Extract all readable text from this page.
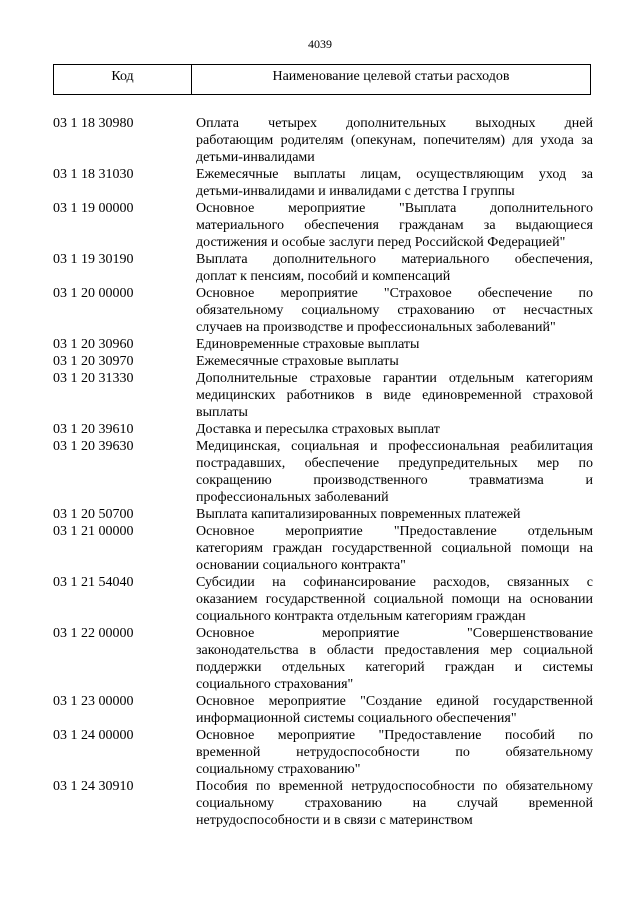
4039
Код	Наименование целевой статьи расходов
03 1 18 30980	Оплата четырех дополнительных выходных дней
работающим родителям (опекунам, попечителям) для ухода за
детьми-инвалидами
03 1 18 31030	Ежемесячные выплаты лицам, осуществляющим уход за
детьми-инвалидами и инвалидами с детства I группы
03 1 19 00000	Основное мероприятие "Выплата дополнительного
материального обеспечения гражданам за выдающиеся
достижения и особые заслуги перед Российской Федерацией"
03 1 19 30190	Выплата дополнительного материального обеспечения,
доплат к пенсиям, пособий и компенсаций
03 1 20 00000	Основное мероприятие "Страховое обеспечение по
обязательному социальному страхованию от несчастных
случаев на производстве и профессиональных заболеваний"
03 1 20 30960	Единовременные страховые выплаты
03 1 20 30970	Ежемесячные страховые выплаты
03 1 20 31330	Дополнительные страховые гарантии отдельным категориям
медицинских работников в виде единовременной страховой
выплаты
03 1 20 39610	Доставка и пересылка страховых выплат
03 1 20 39630	Медицинская, социальная и профессиональная реабилитация
пострадавших, обеспечение предупредительных мер по
сокращению производственного травматизма и
профессиональных заболеваний
03 1 20 50700	Выплата капитализированных повременных платежей
03 1 21 00000	Основное мероприятие "Предоставление отдельным
категориям граждан государственной социальной помощи на
основании социального контракта"
03 1 21 54040	Субсидии на софинансирование расходов, связанных с
оказанием государственной социальной помощи на основании
социального контракта отдельным категориям граждан
03 1 22 00000	Основное мероприятие "Совершенствование
законодательства в области предоставления мер социальной
поддержки отдельных категорий граждан и системы
социального страхования"
03 1 23 00000	Основное мероприятие "Создание единой государственной
информационной системы социального обеспечения"
03 1 24 00000	Основное мероприятие "Предоставление пособий по
временной нетрудоспособности по обязательному
социальному страхованию"
03 1 24 30910	Пособия по временной нетрудоспособности по обязательному
социальному страхованию на случай временной
нетрудоспособности и в связи с материнством
